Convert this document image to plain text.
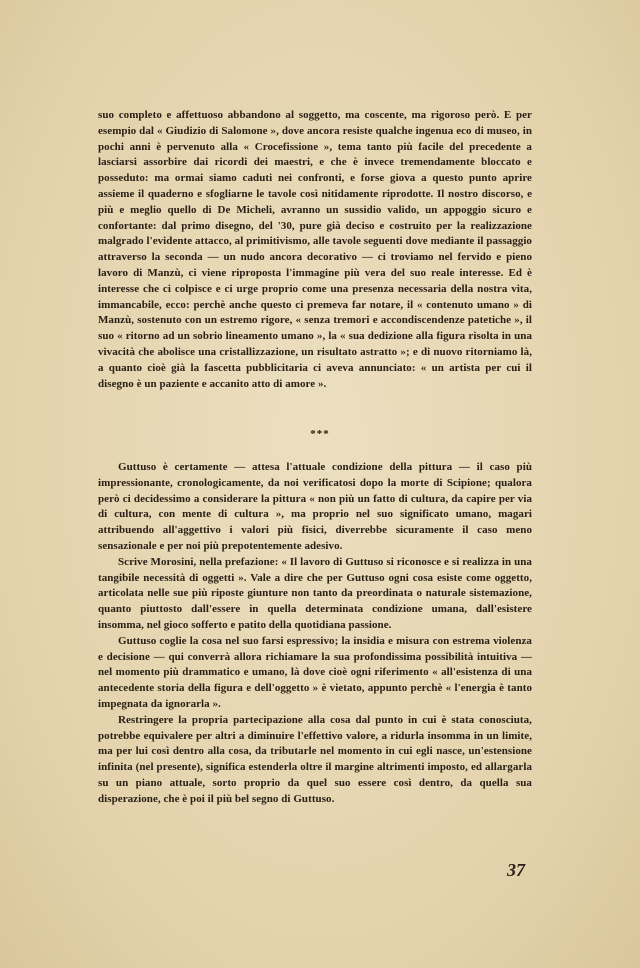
suo completo e affettuoso abbandono al soggetto, ma coscente, ma rigoroso però. E per esempio dal « Giudizio di Salomone », dove ancora resiste qualche ingenua eco di museo, in pochi anni è pervenuto alla « Crocefissione », tema tanto più facile del precedente a lasciarsi assorbire dai ricordi dei maestri, e che è invece tremendamente bloccato e posseduto: ma ormai siamo caduti nei confronti, e forse giova a questo punto aprire assieme il quaderno e sfogliarne le tavole così nitidamente riprodotte. Il nostro discorso, e più e meglio quello di De Micheli, avranno un sussidio valido, un appoggio sicuro e confortante: dal primo disegno, del '30, pure già deciso e costruito per la realizzazione malgrado l'evidente attacco, al primitivismo, alle tavole seguenti dove mediante il passaggio attraverso la seconda — un nudo ancora decorativo — ci troviamo nel fervido e pieno lavoro di Manzù, ci viene riproposta l'immagine più vera del suo reale interesse. Ed è interesse che ci colpisce e ci urge proprio come una presenza necessaria della nostra vita, immancabile, ecco: perchè anche questo ci premeva far notare, il « contenuto umano » di Manzù, sostenuto con un estremo rigore, « senza tremori e accondiscendenze patetiche », il suo « ritorno ad un sobrio lineamento umano », la « sua dedizione alla figura risolta in una vivacità che abolisce una cristallizzazione, un risultato astratto »; e di nuovo ritorniamo là, a quanto cioè già la fascetta pubblicitaria ci aveva annunciato: « un artista per cui il disegno è un paziente e accanito atto di amore ».

***

Guttuso è certamente — attesa l'attuale condizione della pittura — il caso più impressionante, cronologicamente, da noi verificatosi dopo la morte di Scipione; qualora però ci decidessimo a considerare la pittura « non più un fatto di cultura, da capire per via di cultura, con mente di cultura », ma proprio nel suo significato umano, magari attribuendo all'aggettivo i valori più fisici, diverrebbe sicuramente il caso meno sensazionale e per noi più prepotentemente adesivo.

Scrive Morosini, nella prefazione: « Il lavoro di Guttuso si riconosce e si realizza in una tangibile necessità di oggetti ». Vale a dire che per Guttuso ogni cosa esiste come oggetto, articolata nelle sue più riposte giunture non tanto da preordinata o naturale sistemazione, quanto piuttosto dall'essere in quella determinata condizione umana, dall'esistere insomma, nel gioco sofferto e patito della quotidiana passione.

Guttuso coglie la cosa nel suo farsi espressivo; la insidia e misura con estrema violenza e decisione — qui converrà allora richiamare la sua profondissima possibilità intuitiva — nel momento più drammatico e umano, là dove cioè ogni riferimento « all'esistenza di una antecedente storia della figura e dell'oggetto » è vietato, appunto perchè « l'energia è tanto impegnata da ignorarla ».

Restringere la propria partecipazione alla cosa dal punto in cui è stata conosciuta, potrebbe equivalere per altri a diminuire l'effettivo valore, a ridurla insomma in un limite, ma per lui così dentro alla cosa, da tributarle nel momento in cui egli nasce, un'estensione infinita (nel presente), significa estenderla oltre il margine altrimenti imposto, ed allargarla su un piano attuale, sorto proprio da quel suo essere così dentro, da quella sua disperazione, che è poi il più bel segno di Guttuso.

37
